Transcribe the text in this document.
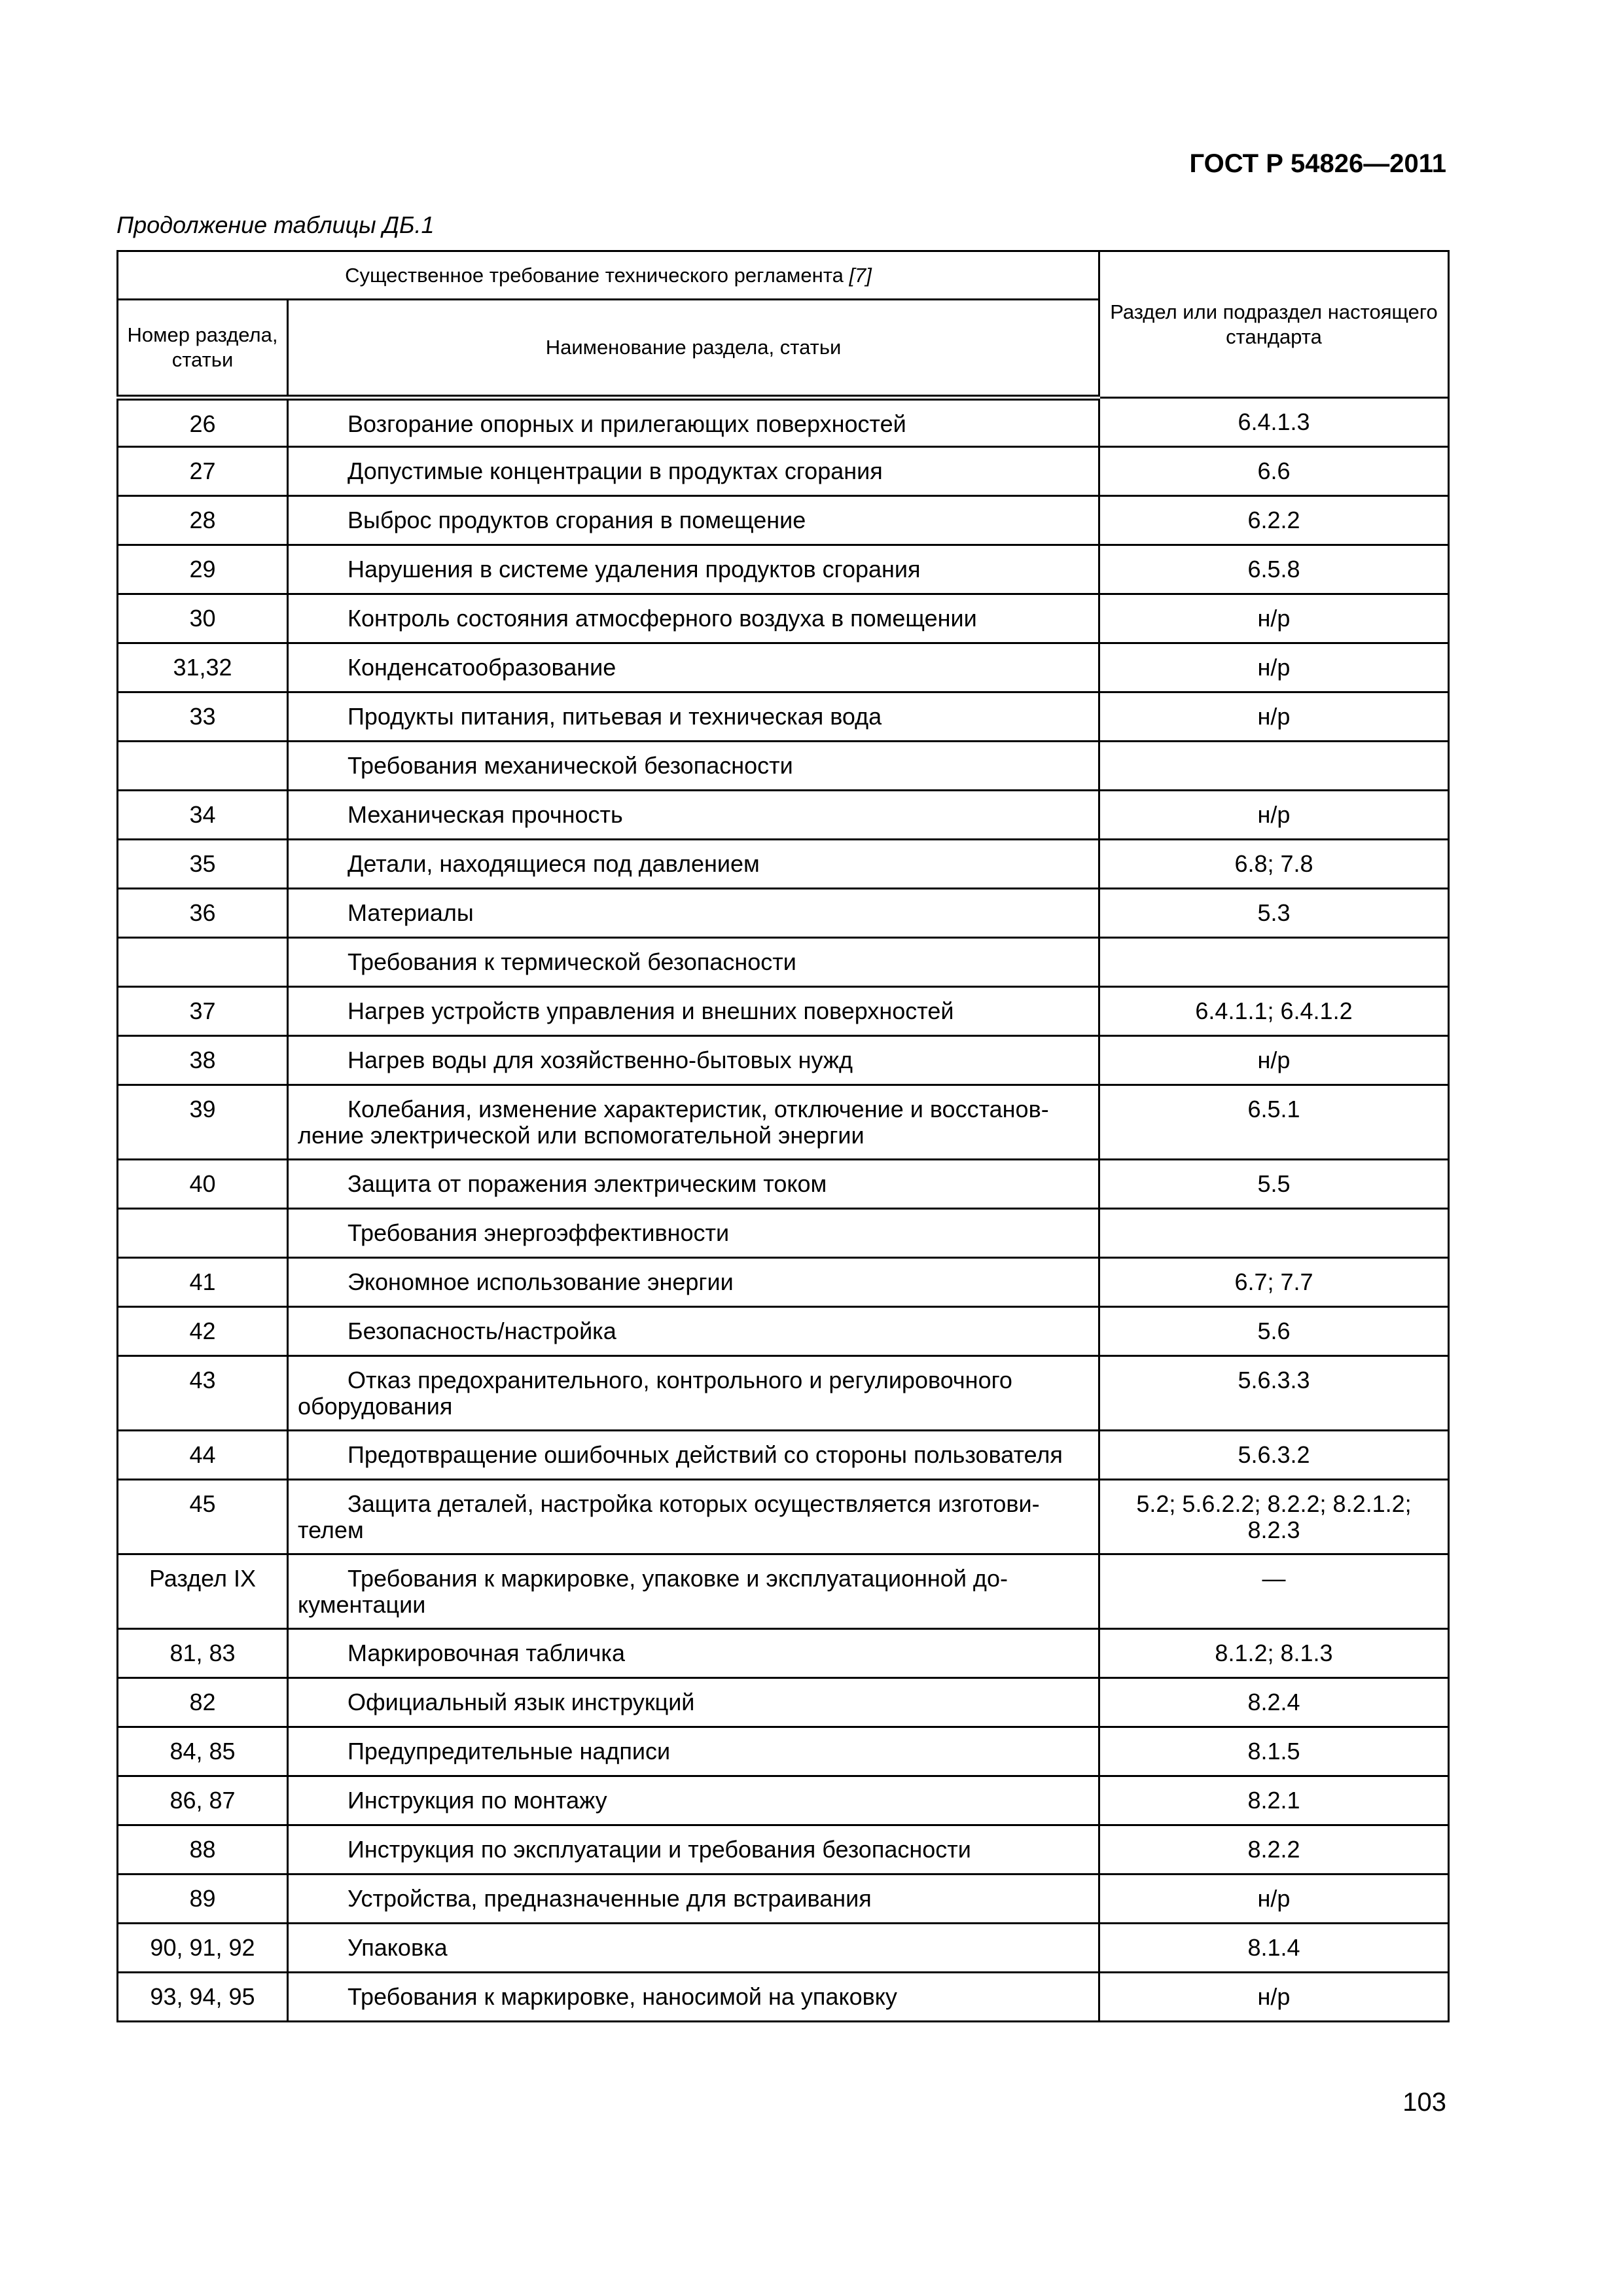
ГОСТ Р 54826—2011
Продолжение таблицы ДБ.1
Существенное требование технического регламента [7]		Раздел или подраздел настоящего стандарта
Номер раздела, статьи	Наименование раздела, статьи	
26	Возгорание опорных и прилегающих поверхностей	6.4.1.3
27	Допустимые концентрации в продуктах сгорания	6.6
28	Выброс продуктов сгорания в помещение	6.2.2
29	Нарушения в системе удаления продуктов сгорания	6.5.8
30	Контроль состояния атмосферного воздуха в помещении	н/р
31,32	Конденсатообразование	н/р
33	Продукты питания, питьевая и техническая вода	н/р
	Требования механической безопасности	
34	Механическая прочность	н/р
35	Детали, находящиеся под давлением	6.8; 7.8
36	Материалы	5.3
	Требования к термической безопасности	
37	Нагрев устройств управления и внешних поверхностей	6.4.1.1; 6.4.1.2
38	Нагрев воды для хозяйственно-бытовых нужд	н/р
39	Колебания, изменение характеристик, отключение и восстанов-ление электрической или вспомогательной энергии	6.5.1
40	Защита от поражения электрическим током	5.5
	Требования энергоэффективности	
41	Экономное использование энергии	6.7; 7.7
42	Безопасность/настройка	5.6
43	Отказ предохранительного, контрольного и регулировочного оборудования	5.6.3.3
44	Предотвращение ошибочных действий со стороны пользователя	5.6.3.2
45	Защита деталей, настройка которых осуществляется изготови-телем	5.2; 5.6.2.2; 8.2.2; 8.2.1.2; 8.2.3
Раздел IX	Требования к маркировке, упаковке и эксплуатационной до-кументации	—
81, 83	Маркировочная табличка	8.1.2; 8.1.3
82	Официальный язык инструкций	8.2.4
84, 85	Предупредительные надписи	8.1.5
86, 87	Инструкция по монтажу	8.2.1
88	Инструкция по эксплуатации и требования безопасности	8.2.2
89	Устройства, предназначенные для встраивания	н/р
90, 91, 92	Упаковка	8.1.4
93, 94, 95	Требования к маркировке, наносимой на упаковку	н/р
103
